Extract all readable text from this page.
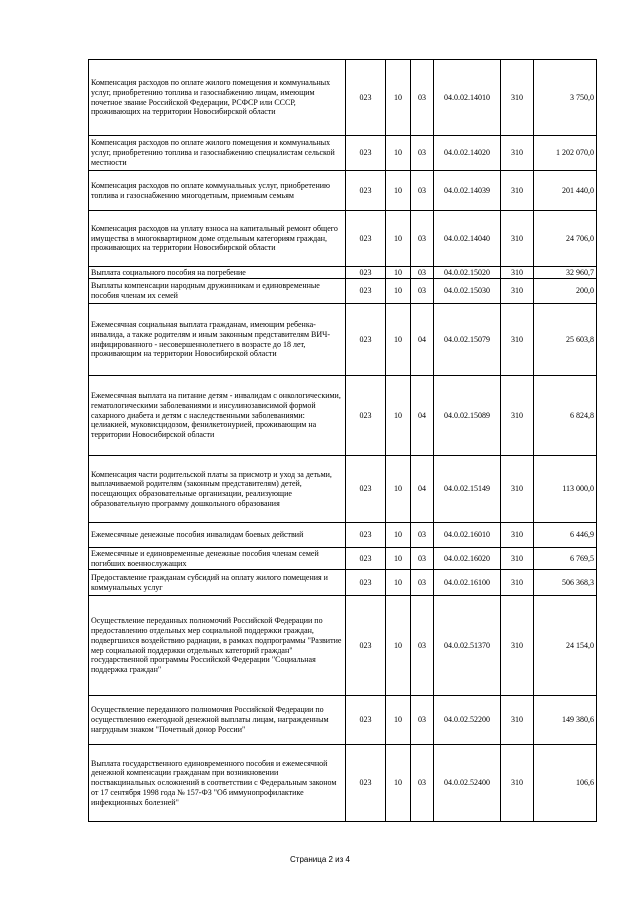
Компенсация расходов по оплате жилого помещения и коммунальных услуг, приобретению топлива и газоснабжению лицам, имеющим почетное звание Российской Федерации, РСФСР или СССР, проживающих на территории Новосибирской области	023	10	03	04.0.02.14010	310	3 750,0
Компенсация расходов по оплате жилого помещения и коммунальных услуг, приобретению топлива и газоснабжению специалистам сельской местности	023	10	03	04.0.02.14020	310	1 202 070,0
Компенсация расходов по оплате коммунальных услуг, приобретению топлива и газоснабжению многодетным, приемным семьям	023	10	03	04.0.02.14039	310	201 440,0
Компенсация расходов на уплату взноса на капитальный ремонт общего имущества в многоквартирном доме отдельным категориям граждан, проживающих на территории Новосибирской области	023	10	03	04.0.02.14040	310	24 706,0
Выплата социального пособия на погребение	023	10	03	04.0.02.15020	310	32 960,7
Выплаты компенсации народным дружинникам и единовременные пособия членам их семей	023	10	03	04.0.02.15030	310	200,0
Ежемесячная социальная выплата гражданам, имеющим ребенка-инвалида, а также родителям и иным законным представителям ВИЧ-инфицированного - несовершеннолетнего в возрасте до 18 лет, проживающим на территории Новосибирской области	023	10	04	04.0.02.15079	310	25 603,8
Ежемесячная выплата на питание детям - инвалидам с онкологическими, гематологическими заболеваниями и инсулинозависимой формой сахарного диабета и детям с наследственными заболеваниями: целиакией, муковисцидозом, фенилкетонурией, проживающим на территории Новосибирской области	023	10	04	04.0.02.15089	310	6 824,8
Компенсация части родительской платы за присмотр и уход за детьми, выплачиваемой родителям (законным представителям) детей, посещающих образовательные организации, реализующие образовательную программу дошкольного образования	023	10	04	04.0.02.15149	310	113 000,0
Ежемесячные денежные пособия инвалидам боевых действий	023	10	03	04.0.02.16010	310	6 446,9
Ежемесячные и единовременные денежные пособия членам семей погибших военнослужащих	023	10	03	04.0.02.16020	310	6 769,5
Предоставление гражданам субсидий на оплату жилого помещения и коммунальных услуг	023	10	03	04.0.02.16100	310	506 368,3
Осуществление переданных полномочий Российской Федерации по предоставлению отдельных мер социальной поддержки граждан, подвергшихся воздействию радиации, в рамках подпрограммы "Развитие мер социальной поддержки отдельных категорий граждан" государственной программы Российской Федерации "Социальная поддержка граждан"	023	10	03	04.0.02.51370	310	24 154,0
Осуществление переданного полномочия Российской Федерации по осуществлению ежегодной денежной выплаты лицам, награжденным нагрудным знаком "Почетный донор России"	023	10	03	04.0.02.52200	310	149 380,6
Выплата государственного единовременного пособия и ежемесячной денежной компенсации гражданам при возникновении поствакцинальных осложнений в соответствии с Федеральным законом от 17 сентября 1998 года № 157-ФЗ "Об иммунопрофилактике инфекционных болезней"	023	10	03	04.0.02.52400	310	106,6
Страница 2 из 4
